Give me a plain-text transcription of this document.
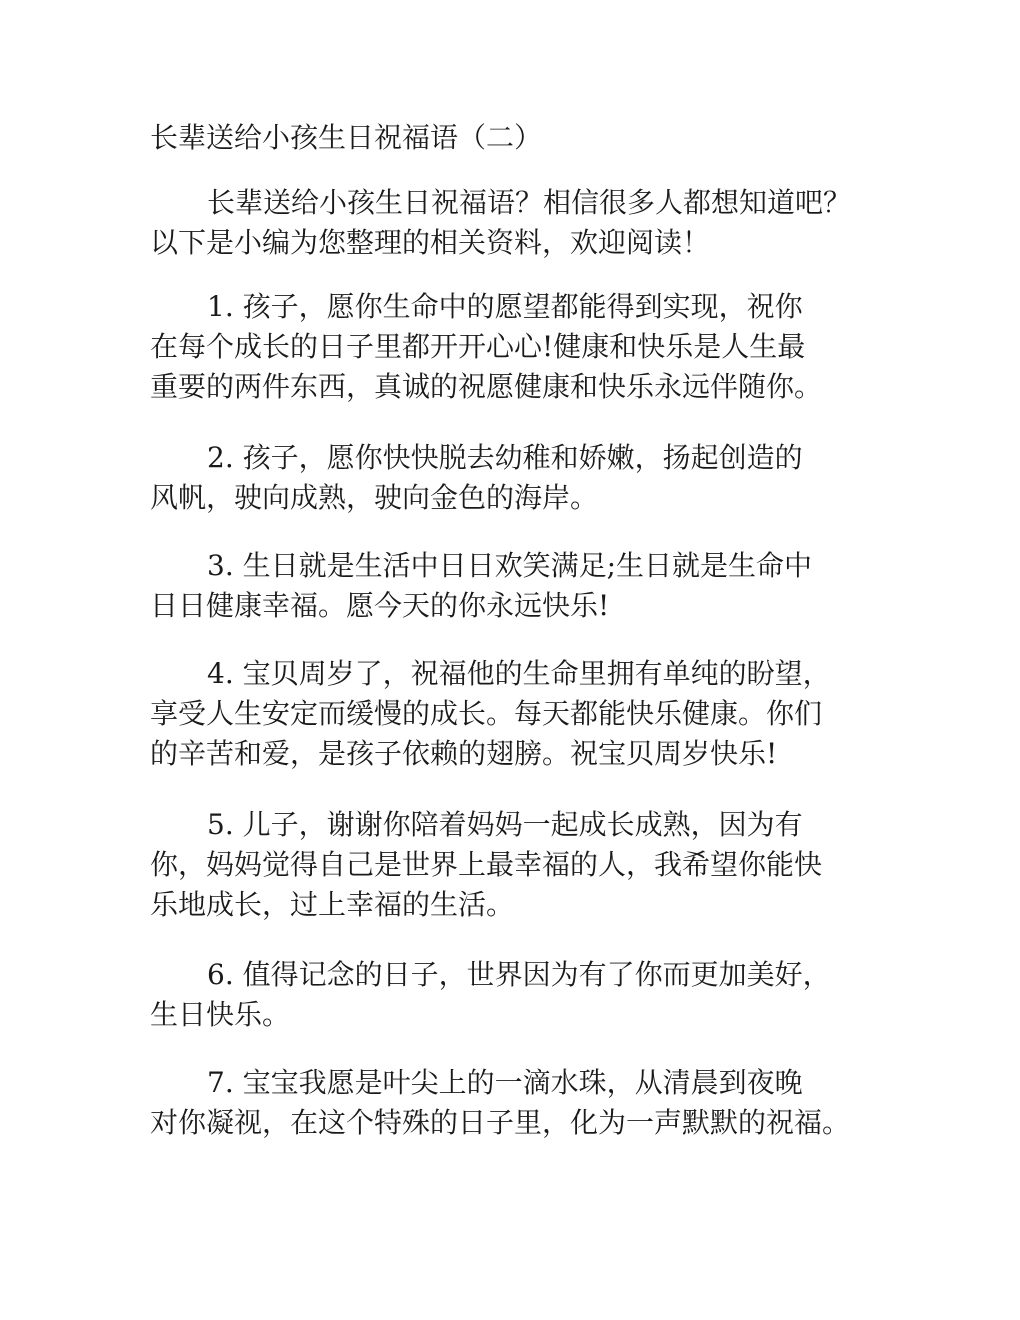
长辈送给小孩生日祝福语（二）

长辈送给小孩生日祝福语？相信很多人都想知道吧？
以下是小编为您整理的相关资料，欢迎阅读！

1. 孩子，愿你生命中的愿望都能得到实现，祝你
在每个成长的日子里都开开心心!健康和快乐是人生最
重要的两件东西，真诚的祝愿健康和快乐永远伴随你。

2. 孩子，愿你快快脱去幼稚和娇嫩，扬起创造的
风帆，驶向成熟，驶向金色的海岸。

3. 生日就是生活中日日欢笑满足;生日就是生命中
日日健康幸福。愿今天的你永远快乐!

4. 宝贝周岁了，祝福他的生命里拥有单纯的盼望，
享受人生安定而缓慢的成长。每天都能快乐健康。你们
的辛苦和爱，是孩子依赖的翅膀。祝宝贝周岁快乐!

5. 儿子，谢谢你陪着妈妈一起成长成熟，因为有
你，妈妈觉得自己是世界上最幸福的人，我希望你能快
乐地成长，过上幸福的生活。

6. 值得记念的日子，世界因为有了你而更加美好，
生日快乐。

7. 宝宝我愿是叶尖上的一滴水珠，从清晨到夜晚
对你凝视，在这个特殊的日子里，化为一声默默的祝福。
